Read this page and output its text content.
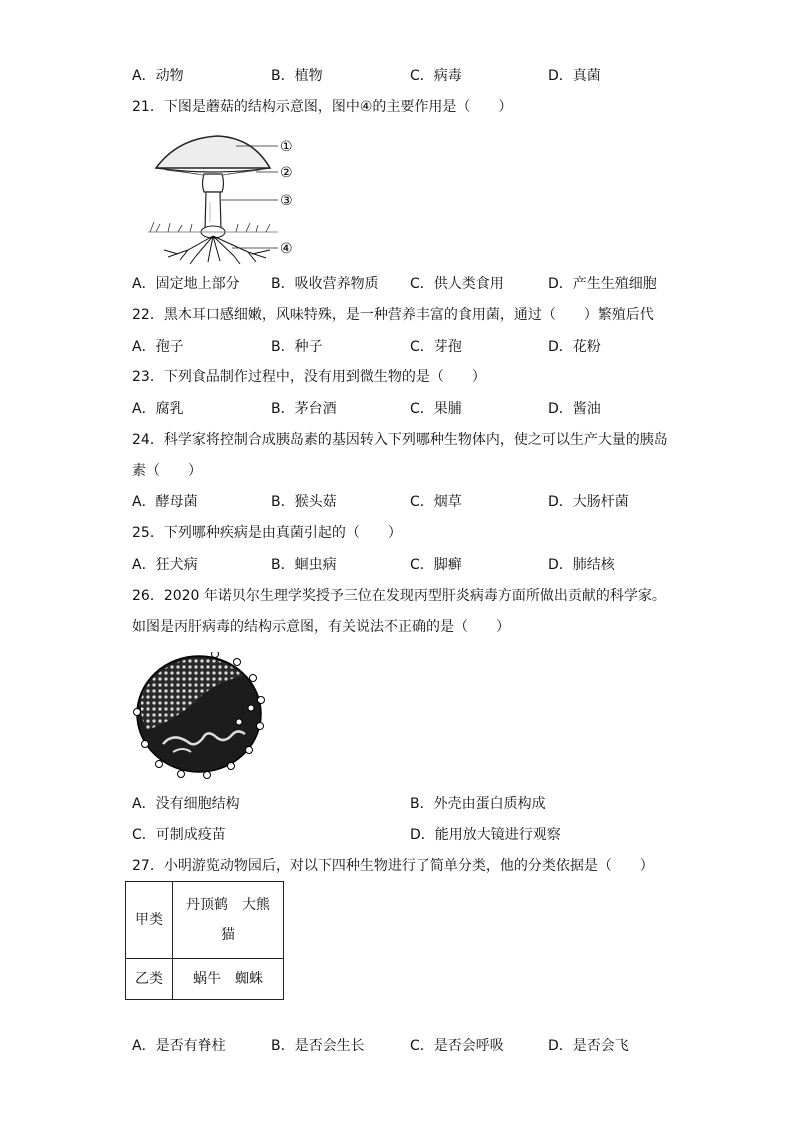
A．动物	B．植物	C．病毒	D．真菌
21．下图是蘑菇的结构示意图，图中④的主要作用是（　　）
①
②
③
④
A．固定地上部分 B．吸收营养物质 C．供人类食用	D．产生生殖细胞
22．黑木耳口感细嫩，风味特殊，是一种营养丰富的食用菌，通过（　　）繁殖后代
A．孢子	B．种子	C．芽孢	D．花粉
23．下列食品制作过程中，没有用到微生物的是（　　）
A．腐乳	B．茅台酒	C．果脯	D．酱油
24．科学家将控制合成胰岛素的基因转入下列哪种生物体内，使之可以生产大量的胰岛
素（　　）
A．酵母菌	B．猴头菇	C．烟草	D．大肠杆菌
25．下列哪种疾病是由真菌引起的（　　）
A．狂犬病	B．蛔虫病	C．脚癣	D．肺结核
26．2020 年诺贝尔生理学奖授予三位在发现丙型肝炎病毒方面所做出贡献的科学家。
如图是丙肝病毒的结构示意图，有关说法不正确的是（　　）
A．没有细胞结构	B．外壳由蛋白质构成
C．可制成疫苗	D．能用放大镜进行观察
27．小明游览动物园后，对以下四种生物进行了简单分类，他的分类依据是（　　）
甲类	丹顶鹤　大熊
猫

乙类	蜗牛　蜘蛛
A．是否有脊柱	B．是否会生长	C．是否会呼吸	D．是否会飞
